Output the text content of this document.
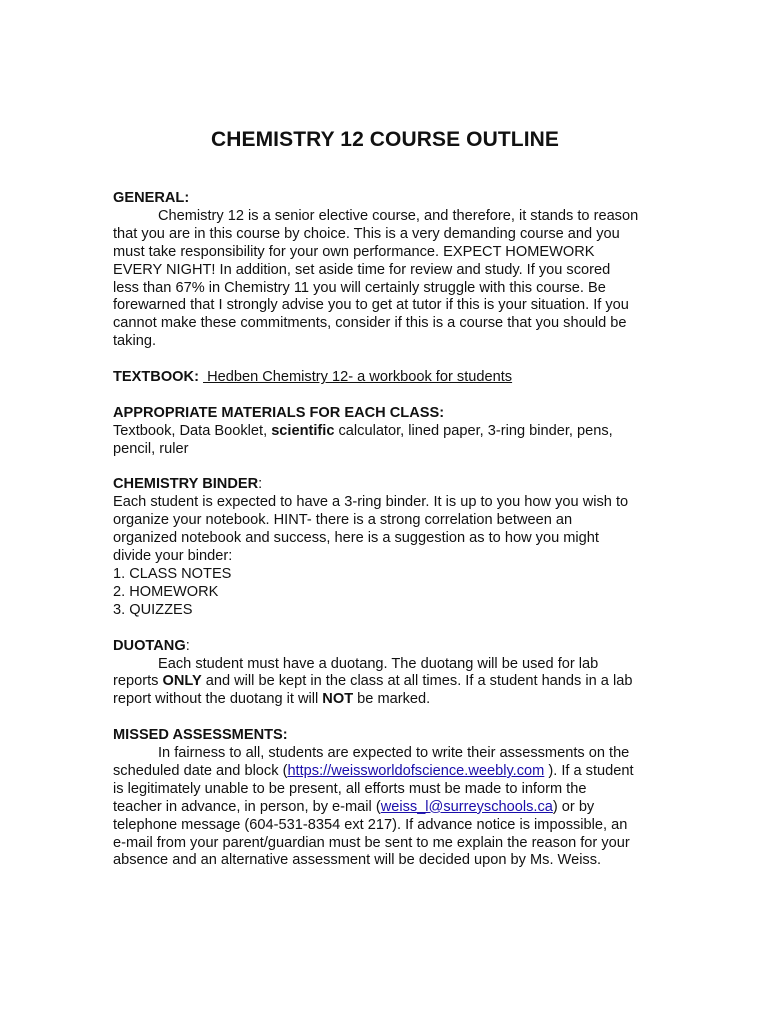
CHEMISTRY 12 COURSE OUTLINE
GENERAL:
Chemistry 12 is a senior elective course, and therefore, it stands to reason
that you are in this course by choice. This is a very demanding course and you
must take responsibility for your own performance. EXPECT HOMEWORK
EVERY NIGHT! In addition, set aside time for review and study. If you scored
less than 67% in Chemistry 11 you will certainly struggle with this course. Be
forewarned that I strongly advise you to get at tutor if this is your situation. If you
cannot make these commitments, consider if this is a course that you should be
taking.
TEXTBOOK:  Hedben Chemistry 12- a workbook for students
APPROPRIATE MATERIALS FOR EACH CLASS:
Textbook, Data Booklet, scientific calculator, lined paper, 3-ring binder, pens,
pencil, ruler
CHEMISTRY BINDER:
Each student is expected to have a 3-ring binder. It is up to you how you wish to
organize your notebook. HINT- there is a strong correlation between an
organized notebook and success, here is a suggestion as to how you might
divide your binder:
1. CLASS NOTES
2. HOMEWORK
3. QUIZZES
DUOTANG:
Each student must have a duotang. The duotang will be used for lab
reports ONLY and will be kept in the class at all times. If a student hands in a lab
report without the duotang it will NOT be marked.
MISSED ASSESSMENTS:
In fairness to all, students are expected to write their assessments on the
scheduled date and block (https://weissworldofscience.weebly.com ). If a student
is legitimately unable to be present, all efforts must be made to inform the
teacher in advance, in person, by e-mail (weiss_l@surreyschools.ca) or by
telephone message (604-531-8354 ext 217). If advance notice is impossible, an
e-mail from your parent/guardian must be sent to me explain the reason for your
absence and an alternative assessment will be decided upon by Ms. Weiss.
